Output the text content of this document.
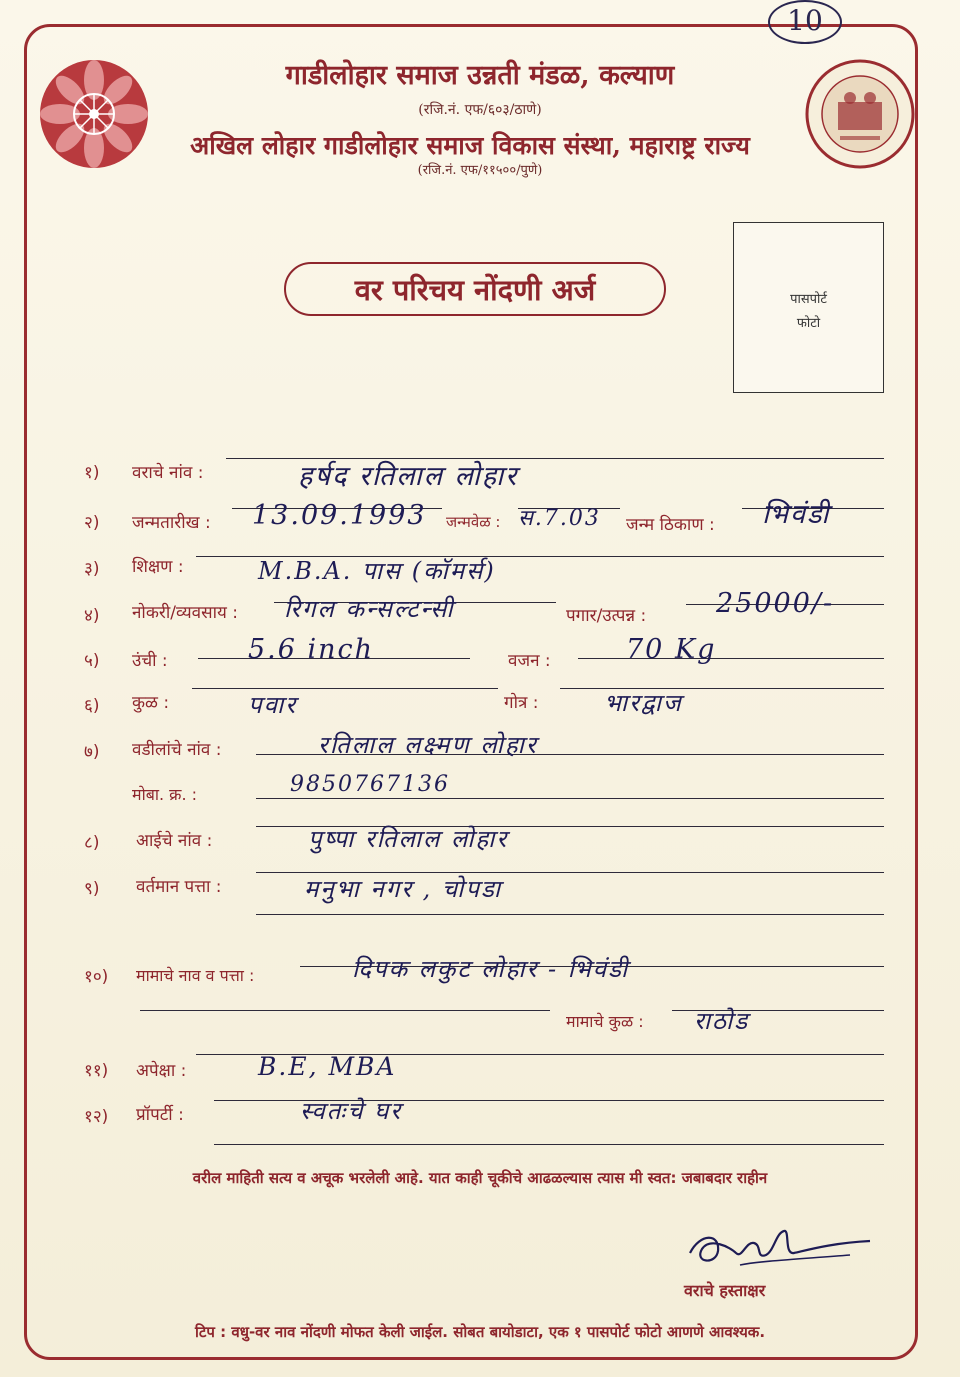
10
गाडीलोहार समाज उन्नती मंडळ, कल्याण
(रजि.नं. एफ/६०३/ठाणे)
अखिल लोहार गाडीलोहार समाज विकास संस्था, महाराष्ट्र राज्य
(रजि.नं. एफ/११५००/पुणे)
वर परिचय नोंदणी अर्ज	पासपोर्ट
फोटो
१) वराचे नांव :	हर्षद रतिलाल लोहार
२) जन्मतारीख : 13.09.1993 जन्मवेळ : स.7.03 जन्म ठिकाण : भिवंडी
३) शिक्षण :	M.B.A. पास (कॉमर्स)
४) नोकरी/व्यवसाय : रिगल कन्सल्टन्सी	पगार/उत्पन्न :	25000/-
५) उंची :	5.6 inch	वजन :	70 Kg
६) कुळ :	पवार	गोत्र :	भारद्वाज
७) वडीलांचे नांव :	रतिलाल लक्ष्मण लोहार
मोबा. क्र. :	9850767136
८) आईचे नांव :	पुष्पा रतिलाल लोहार
९) वर्तमान पत्ता :	मनुभा नगर , चोपडा
१०) मामाचे नाव व पत्ता :	दिपक लकुट लोहार - भिवंडी
मामाचे कुळ : राठोड
११) अपेक्षा :	B.E, MBA
१२) प्रॉपर्टी :	स्वतःचे घर
वरील माहिती सत्य व अचूक भरलेली आहे. यात काही चूकीचे आढळल्यास त्यास मी स्वत: जबाबदार राहीन
वराचे हस्ताक्षर
टिप : वधु-वर नाव नोंदणी मोफत केली जाईल. सोबत बायोडाटा, एक १ पासपोर्ट फोटो आणणे आवश्यक.
